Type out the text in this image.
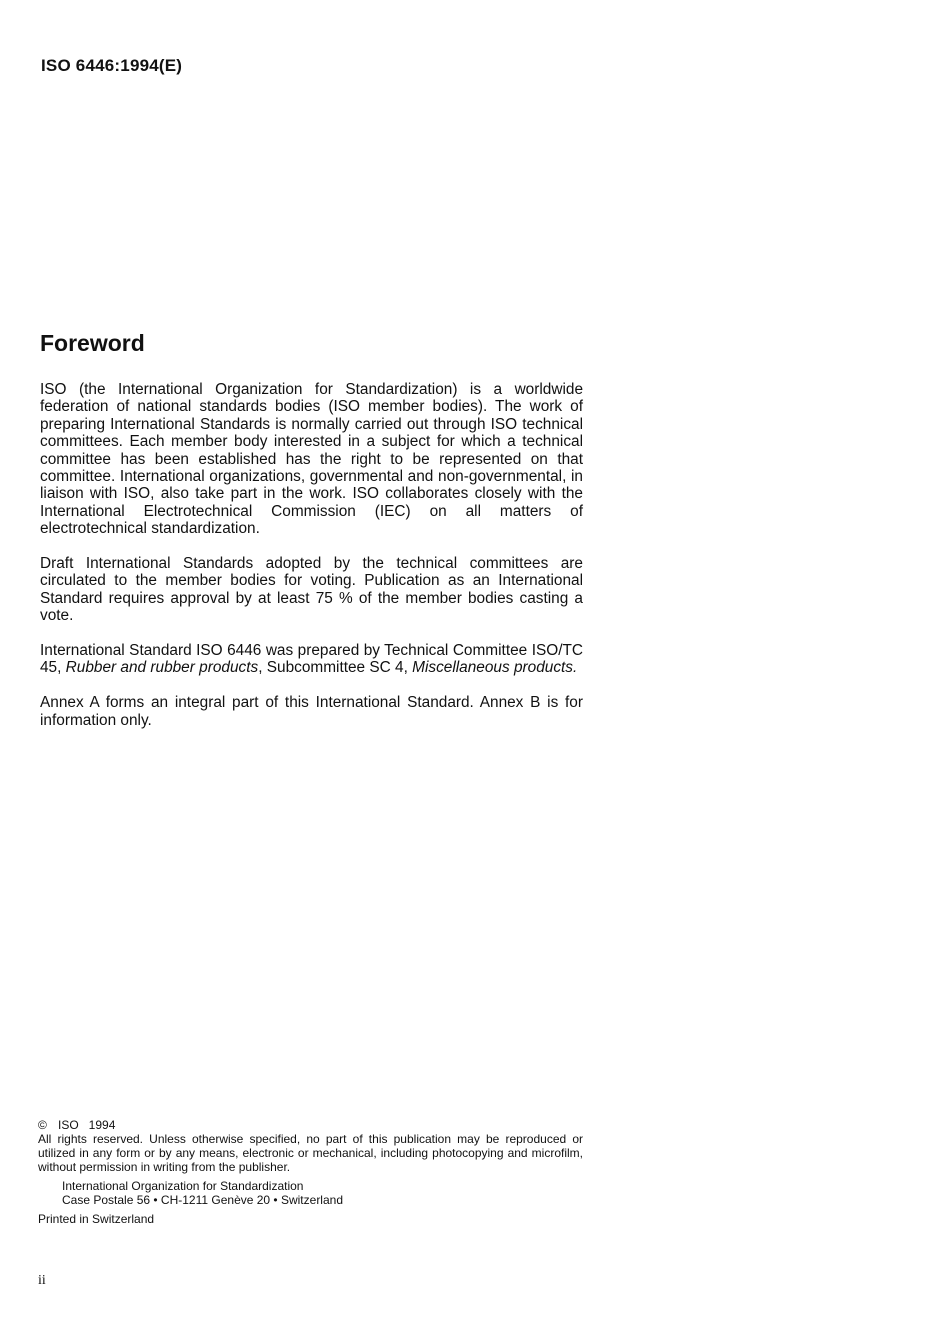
ISO 6446:1994(E)
Foreword

ISO (the International Organization for Standardization) is a worldwide federation of national standards bodies (ISO member bodies). The work of preparing International Standards is normally carried out through ISO technical committees. Each member body interested in a subject for which a technical committee has been established has the right to be represented on that committee. International organizations, governmental and non-governmental, in liaison with ISO, also take part in the work. ISO collaborates closely with the International Electrotechnical Commission (IEC) on all matters of electrotechnical standardization.

Draft International Standards adopted by the technical committees are circulated to the member bodies for voting. Publication as an International Standard requires approval by at least 75 % of the member bodies casting a vote.

International Standard ISO 6446 was prepared by Technical Committee ISO/TC 45, Rubber and rubber products, Subcommittee SC 4, Miscellaneous products.

Annex A forms an integral part of this International Standard. Annex B is for information only.

© ISO   1994
All rights reserved. Unless otherwise specified, no part of this publication may be reproduced or utilized in any form or by any means, electronic or mechanical, including photocopying and microfilm, without permission in writing from the publisher.
International Organization for Standardization
Case Postale 56 • CH-1211 Genève 20 • Switzerland
Printed in Switzerland
ii
